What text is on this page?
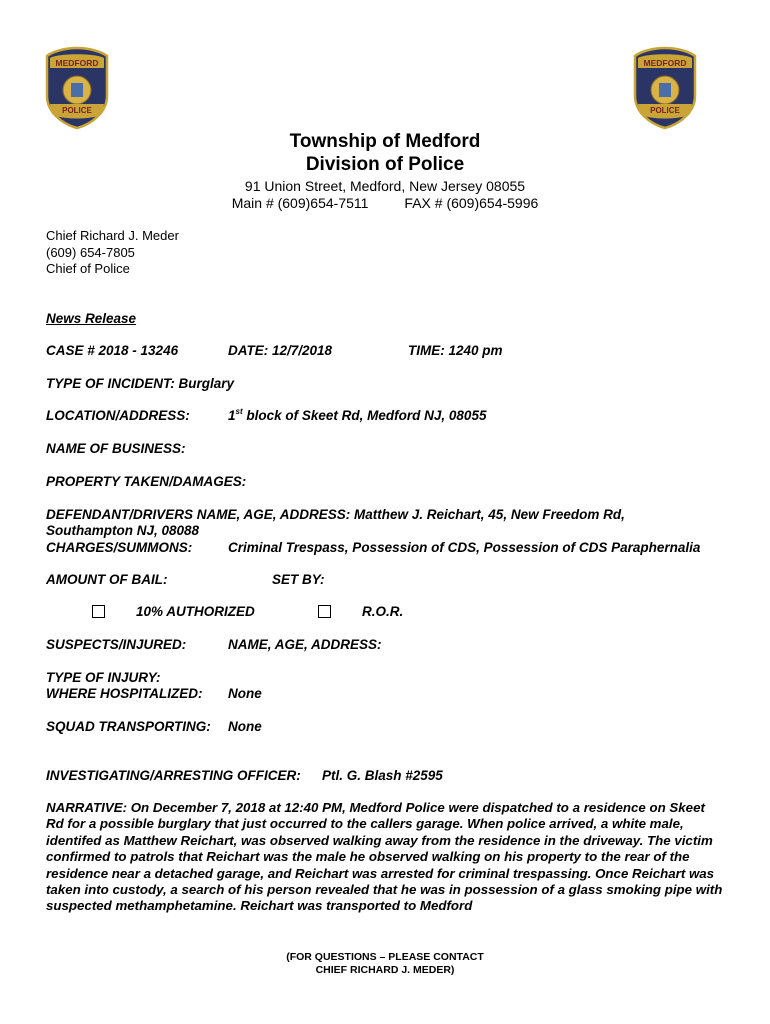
MEDFORD
POLICE
MEDFORD
POLICE
Township of Medford
Division of Police
91 Union Street, Medford, New Jersey 08055
Main # (609)654-7511	FAX # (609)654-5996
Chief Richard J. Meder
(609) 654-7805
Chief of Police
News Release
CASE # 2018 - 13246	DATE: 12/7/2018	TIME: 1240 pm
TYPE OF INCIDENT: Burglary
LOCATION/ADDRESS:	1st block of Skeet Rd, Medford NJ, 08055
NAME OF BUSINESS:
PROPERTY TAKEN/DAMAGES:
DEFENDANT/DRIVERS NAME, AGE, ADDRESS: Matthew J. Reichart, 45, New Freedom Rd,
Southampton NJ, 08088
CHARGES/SUMMONS:	Criminal Trespass, Possession of CDS, Possession of CDS Paraphernalia
AMOUNT OF BAIL:	SET BY:
10% AUTHORIZED	R.O.R.
SUSPECTS/INJURED:	NAME, AGE, ADDRESS:
TYPE OF INJURY:
WHERE HOSPITALIZED: None
SQUAD TRANSPORTING: None
INVESTIGATING/ARRESTING OFFICER: Ptl. G. Blash #2595
NARRATIVE: On December 7, 2018 at 12:40 PM, Medford Police were dispatched to a residence on Skeet Rd for a possible burglary that just occurred to the callers garage. When police arrived, a white male, identifed as Matthew Reichart, was observed walking away from the residence in the driveway. The victim confirmed to patrols that Reichart was the male he observed walking on his property to the rear of the residence near a detached garage, and Reichart was arrested for criminal trespassing. Once Reichart was taken into custody, a search of his person revealed that he was in possession of a glass smoking pipe with suspected methamphetamine. Reichart was transported to Medford
(FOR QUESTIONS – PLEASE CONTACT
CHIEF RICHARD J. MEDER)
